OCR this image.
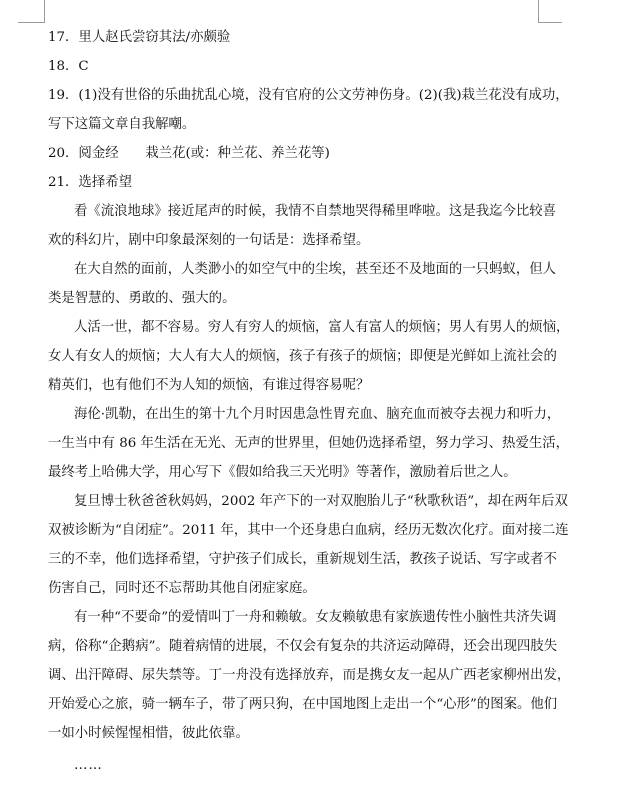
17．里人赵氏尝窃其法/亦颇验
18．C
19．(1)没有世俗的乐曲扰乱心境，没有官府的公文劳神伤身。(2)(我)栽兰花没有成功，
写下这篇文章自我解嘲。
20．阅金经　　栽兰花(或：种兰花、养兰花等)
21．选择希望
看《流浪地球》接近尾声的时候，我情不自禁地哭得稀里哗啦。这是我迄今比较喜
欢的科幻片，剧中印象最深刻的一句话是：选择希望。
在大自然的面前，人类渺小的如空气中的尘埃，甚至还不及地面的一只蚂蚁，但人
类是智慧的、勇敢的、强大的。
人活一世，都不容易。穷人有穷人的烦恼，富人有富人的烦恼；男人有男人的烦恼，
女人有女人的烦恼；大人有大人的烦恼，孩子有孩子的烦恼；即便是光鲜如上流社会的
精英们，也有他们不为人知的烦恼，有谁过得容易呢？
海伦·凯勒，在出生的第十九个月时因患急性胃充血、脑充血而被夺去视力和听力，
一生当中有 86 年生活在无光、无声的世界里，但她仍选择希望，努力学习、热爱生活，
最终考上哈佛大学，用心写下《假如给我三天光明》等著作，激励着后世之人。
复旦博士秋爸爸秋妈妈，2002 年产下的一对双胞胎儿子“秋歌秋语”，却在两年后双
双被诊断为“自闭症”。2011 年，其中一个还身患白血病，经历无数次化疗。面对接二连
三的不幸，他们选择希望，守护孩子们成长，重新规划生活，教孩子说话、写字或者不
伤害自己，同时还不忘帮助其他自闭症家庭。
有一种“不要命”的爱情叫丁一舟和赖敏。女友赖敏患有家族遗传性小脑性共济失调
病，俗称“企鹅病”。随着病情的进展，不仅会有复杂的共济运动障碍，还会出现四肢失
调、出汗障碍、尿失禁等。丁一舟没有选择放弃，而是携女友一起从广西老家柳州出发，
开始爱心之旅，骑一辆车子，带了两只狗，在中国地图上走出一个“心形”的图案。他们
一如小时候惺惺相惜，彼此依靠。
……
